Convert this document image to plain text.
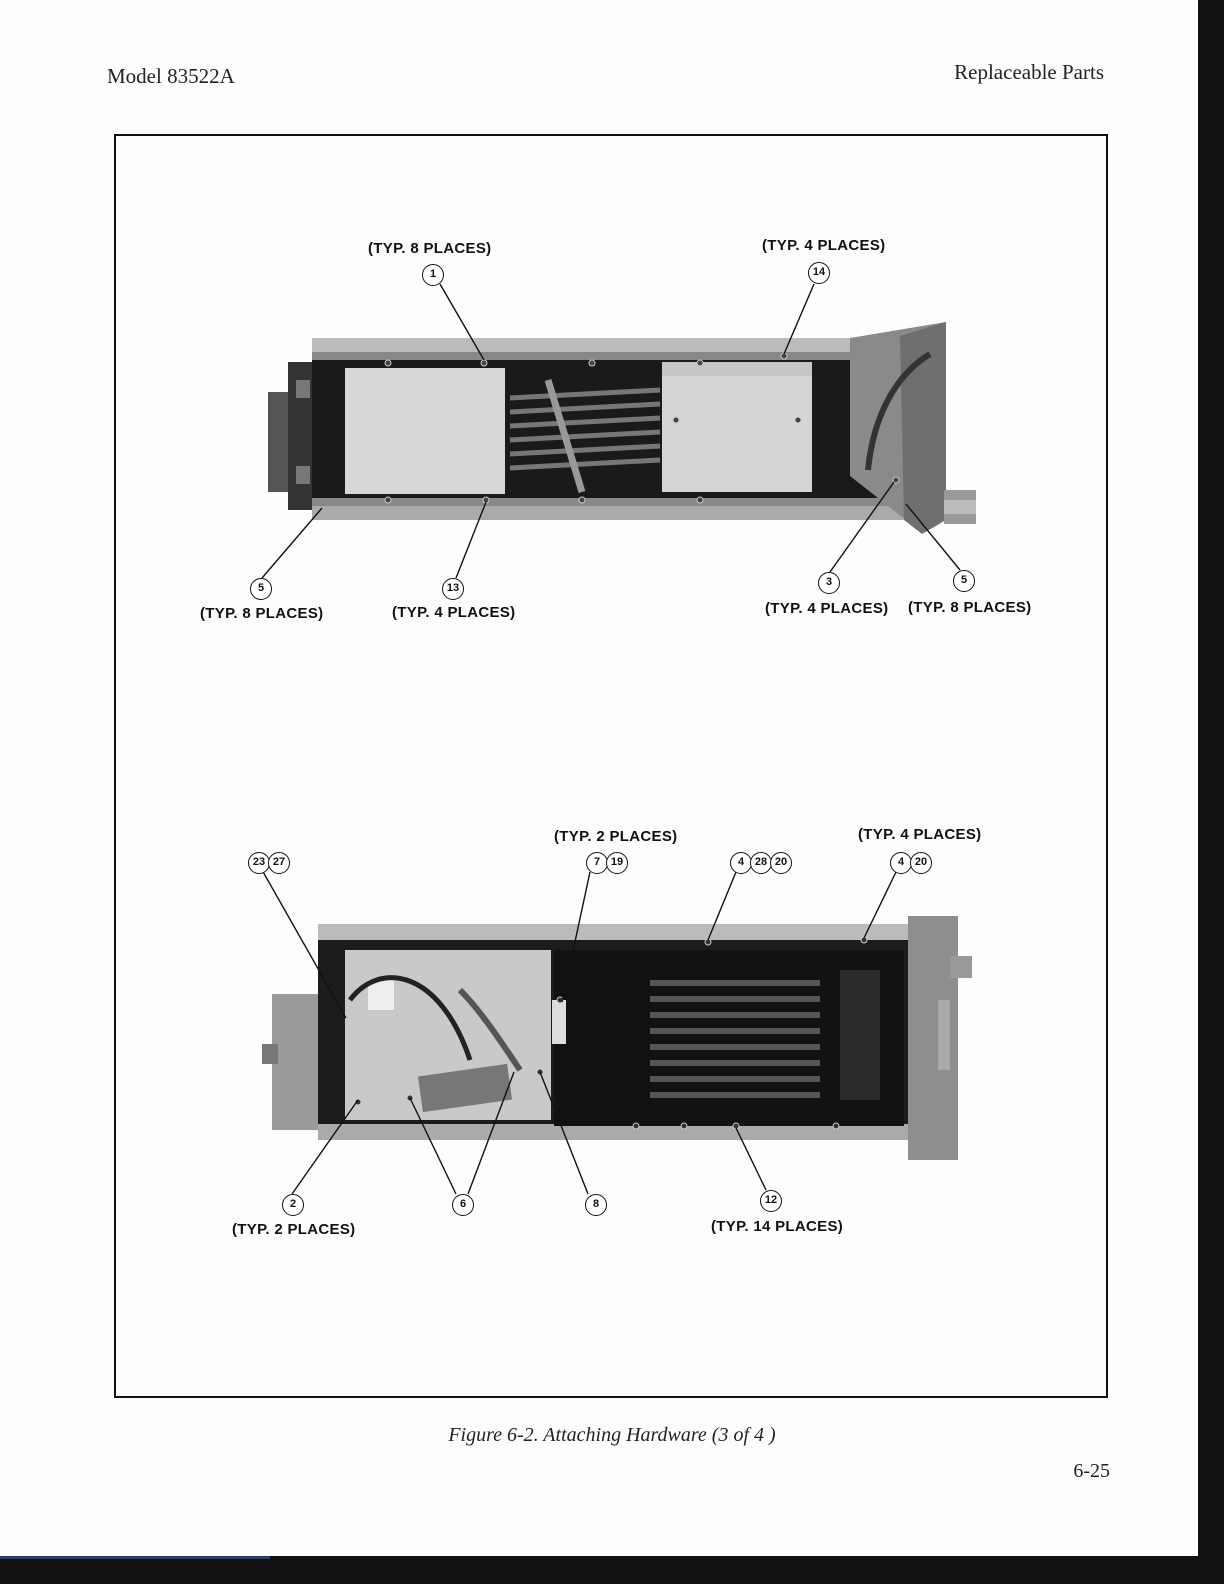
Model 83522A	Replaceable Parts
(TYP. 8 PLACES)	(TYP. 4 PLACES)
(TYP. 8 PLACES)	(TYP. 4 PLACES)	(TYP. 4 PLACES) (TYP. 8 PLACES)
1	14
5	13	3	5
(TYP. 2 PLACES)	(TYP. 4 PLACES)
(TYP. 2 PLACES)	(TYP. 14 PLACES)
23 27	7 19	4 28 20	4 20
2	6	8	12
Figure 6-2. Attaching Hardware (3 of 4 )
6-25
